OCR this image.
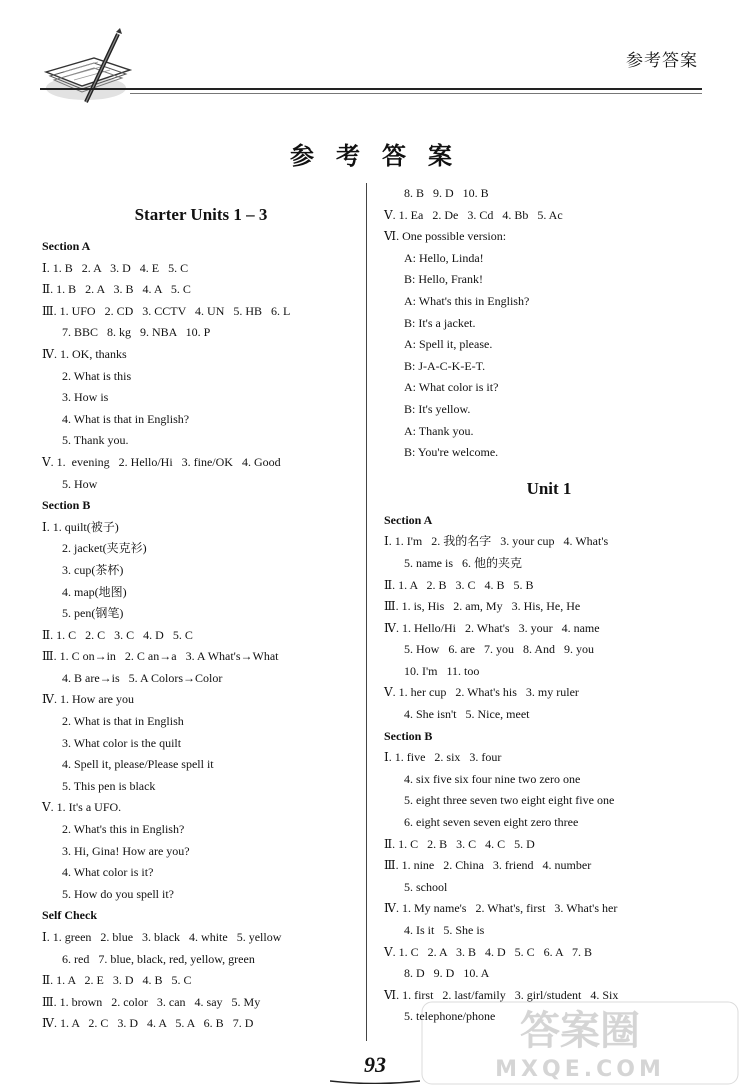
参考答案
参 考 答 案
Starter Units 1 – 3
Section A
Ⅰ. 1. B   2. A   3. D   4. E   5. C
Ⅱ. 1. B   2. A   3. B   4. A   5. C
Ⅲ. 1. UFO   2. CD   3. CCTV   4. UN   5. HB   6. L
7. BBC   8. kg   9. NBA   10. P
Ⅳ. 1. OK, thanks
2. What is this
3. How is
4. What is that in English?
5. Thank you.
Ⅴ. 1.  evening   2. Hello/Hi   3. fine/OK   4. Good
5. How
Section B
Ⅰ. 1. quilt(被子)
2. jacket(夹克衫)
3. cup(茶杯)
4. map(地图)
5. pen(钢笔)
Ⅱ. 1. C   2. C   3. C   4. D   5. C
Ⅲ. 1. C on→in   2. C an→a   3. A What's→What
4. B are→is   5. A Colors→Color
Ⅳ. 1. How are you
2. What is that in English
3. What color is the quilt
4. Spell it, please/Please spell it
5. This pen is black
Ⅴ. 1. It's a UFO.
2. What's this in English?
3. Hi, Gina! How are you?
4. What color is it?
5. How do you spell it?
Self Check
Ⅰ. 1. green   2. blue   3. black   4. white   5. yellow
6. red   7. blue, black, red, yellow, green
Ⅱ. 1. A   2. E   3. D   4. B   5. C
Ⅲ. 1. brown   2. color   3. can   4. say   5. My
Ⅳ. 1. A   2. C   3. D   4. A   5. A   6. B   7. D
8. B   9. D   10. B
Ⅴ. 1. Ea   2. De   3. Cd   4. Bb   5. Ac
Ⅵ. One possible version:
A: Hello, Linda!
B: Hello, Frank!
A: What's this in English?
B: It's a jacket.
A: Spell it, please.
B: J-A-C-K-E-T.
A: What color is it?
B: It's yellow.
A: Thank you.
B: You're welcome.
Unit 1
Section A
Ⅰ. 1. I'm   2. 我的名字   3. your cup   4. What's
5. name is   6. 他的夹克
Ⅱ. 1. A   2. B   3. C   4. B   5. B
Ⅲ. 1. is, His   2. am, My   3. His, He, He
Ⅳ. 1. Hello/Hi   2. What's   3. your   4. name
5. How   6. are   7. you   8. And   9. you
10. I'm   11. too
Ⅴ. 1. her cup   2. What's his   3. my ruler
4. She isn't   5. Nice, meet
Section B
Ⅰ. 1. five   2. six   3. four
4. six five six four nine two zero one
5. eight three seven two eight eight five one
6. eight seven seven eight zero three
Ⅱ. 1. C   2. B   3. C   4. C   5. D
Ⅲ. 1. nine   2. China   3. friend   4. number
5. school
Ⅳ. 1. My name's   2. What's, first   3. What's her
4. Is it   5. She is
Ⅴ. 1. C   2. A   3. B   4. D   5. C   6. A   7. B
8. D   9. D   10. A
Ⅵ. 1. first   2. last/family   3. girl/student   4. Six
5. telephone/phone
93
答案圈
MXQE.COM
